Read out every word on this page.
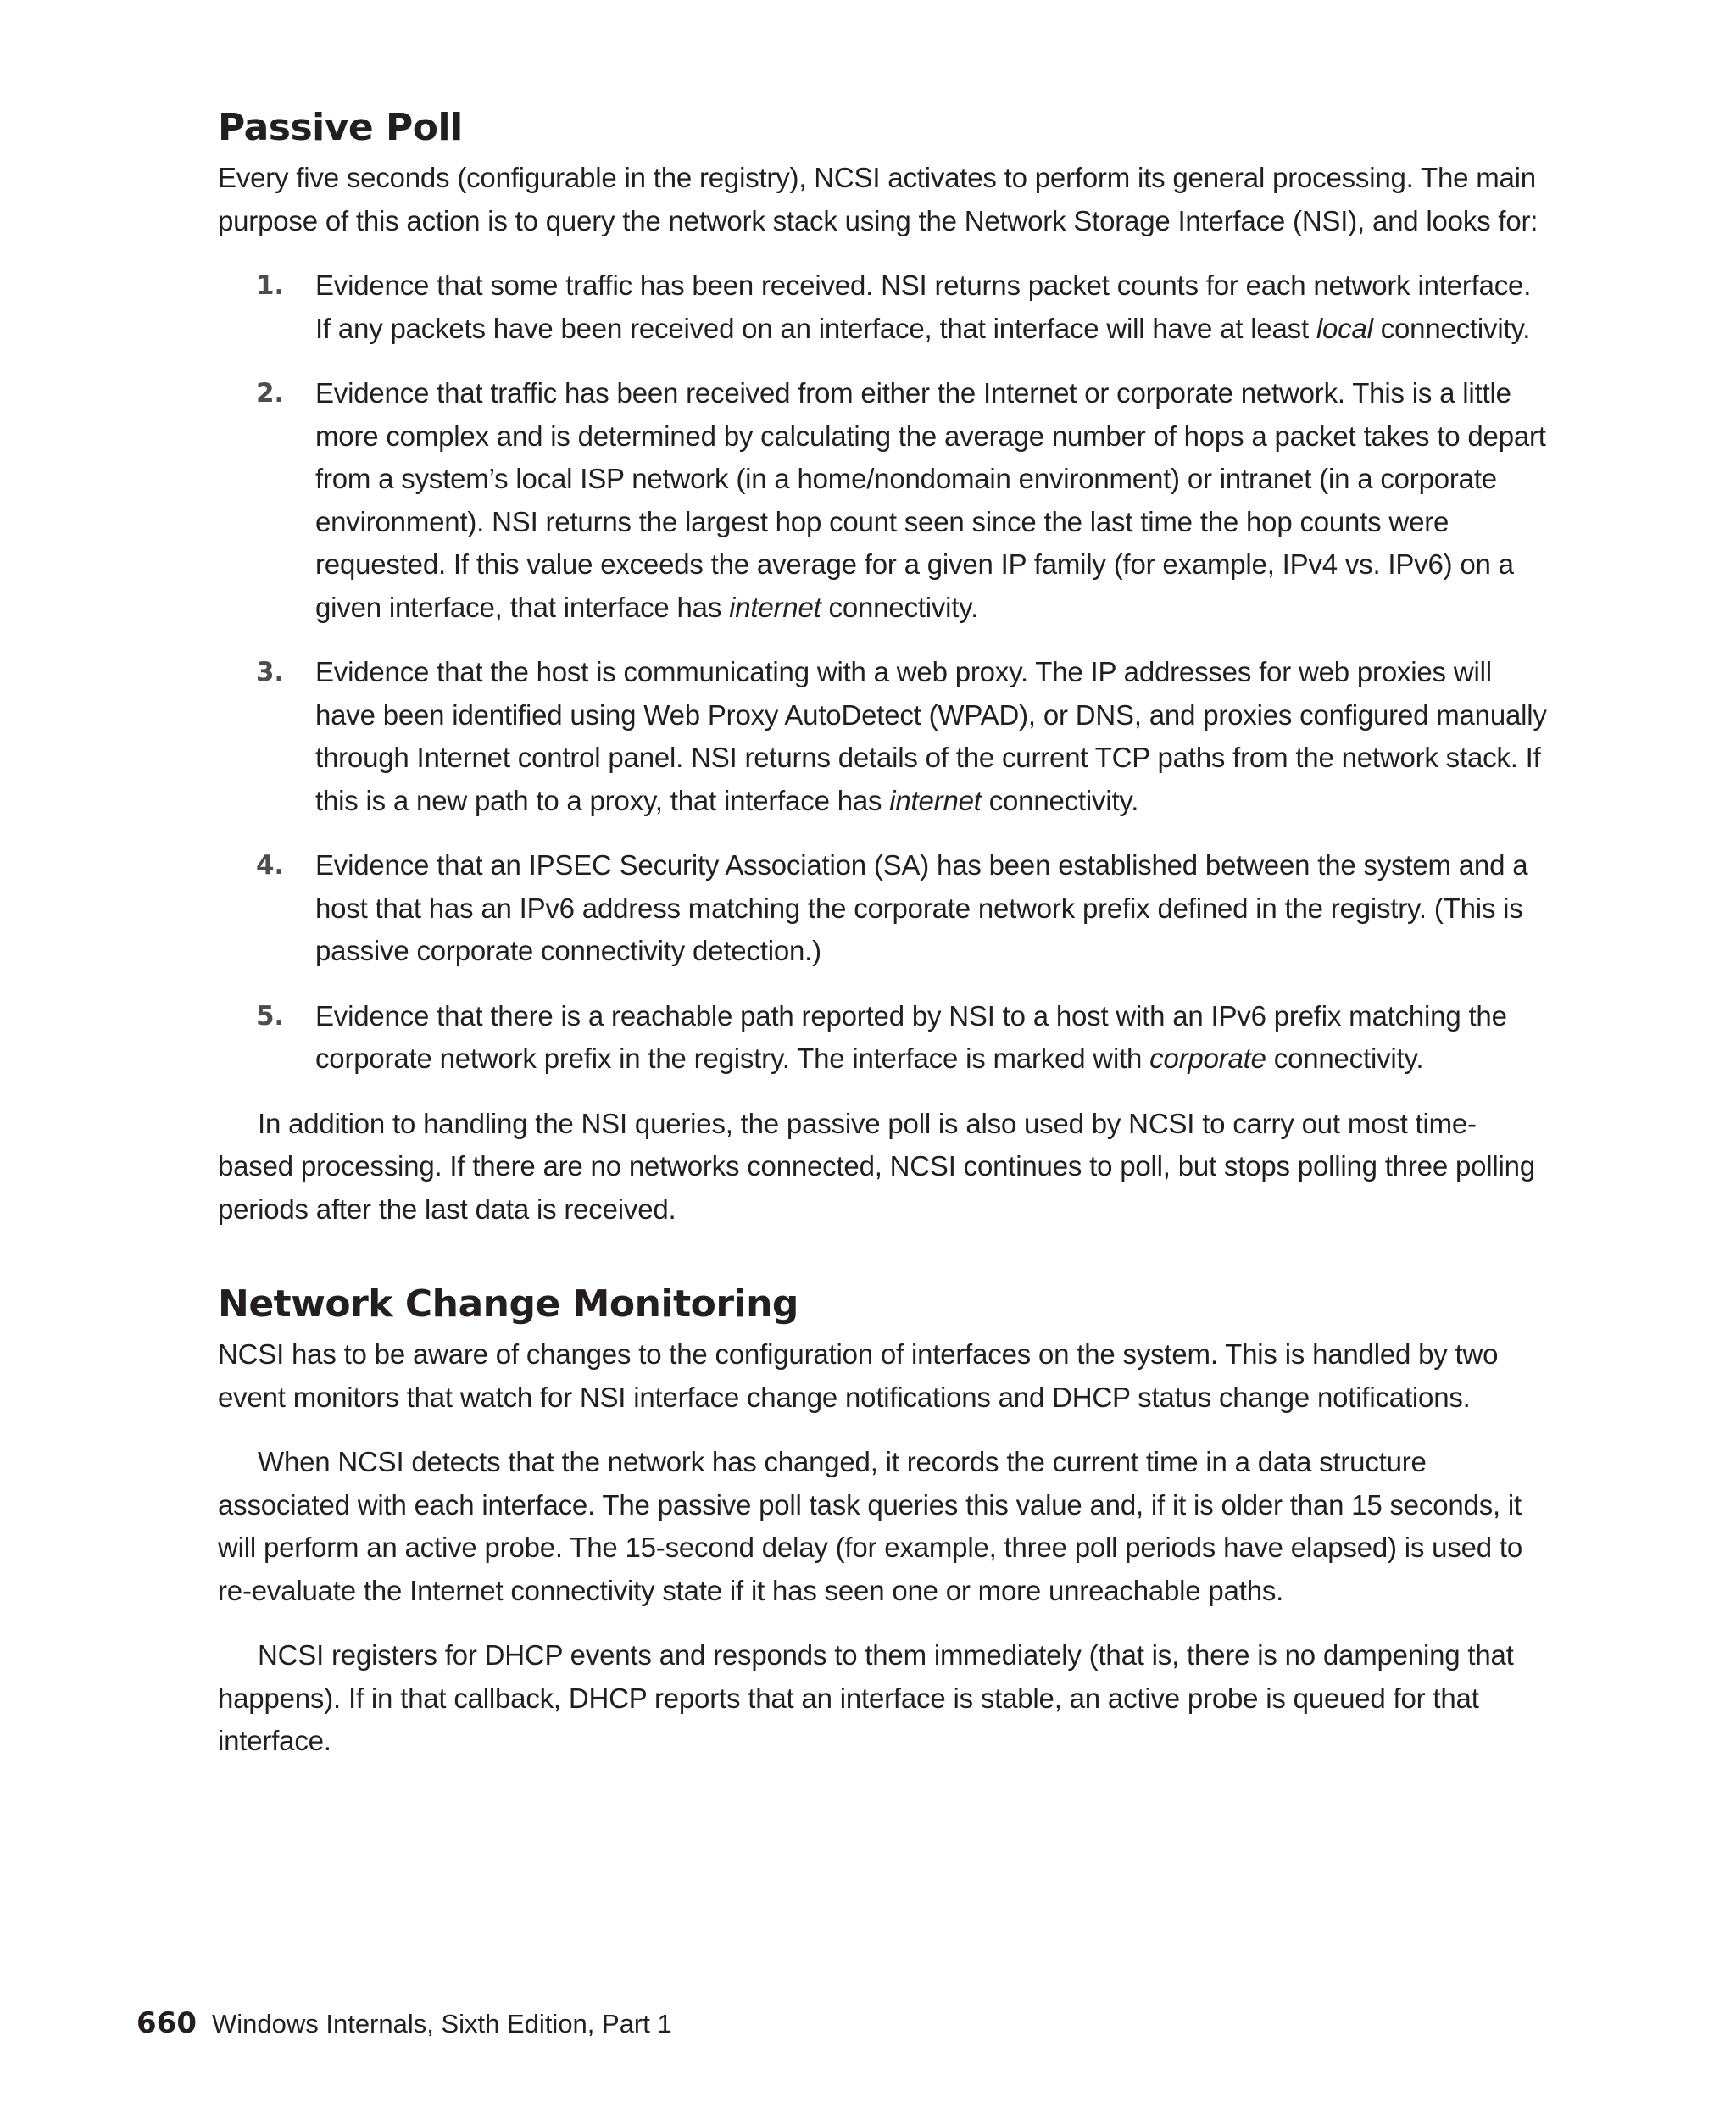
Passive Poll

Every five seconds (configurable in the registry), NCSI activates to perform its general processing. The main purpose of this action is to query the network stack using the Network Storage Interface (NSI), and looks for:

1. Evidence that some traffic has been received. NSI returns packet counts for each network interface. If any packets have been received on an interface, that interface will have at least local connectivity.
2. Evidence that traffic has been received from either the Internet or corporate network. This is a little more complex and is determined by calculating the average number of hops a packet takes to depart from a system’s local ISP network (in a home/nondomain environment) or intranet (in a corporate environment). NSI returns the largest hop count seen since the last time the hop counts were requested. If this value exceeds the average for a given IP family (for example, IPv4 vs. IPv6) on a given interface, that interface has internet connectivity.
3. Evidence that the host is communicating with a web proxy. The IP addresses for web proxies will have been identified using Web Proxy AutoDetect (WPAD), or DNS, and proxies configured manually through Internet control panel. NSI returns details of the current TCP paths from the network stack. If this is a new path to a proxy, that interface has internet connectivity.
4. Evidence that an IPSEC Security Association (SA) has been established between the system and a host that has an IPv6 address matching the corporate network prefix defined in the registry. (This is passive corporate connectivity detection.)
5. Evidence that there is a reachable path reported by NSI to a host with an IPv6 prefix matching the corporate network prefix in the registry. The interface is marked with corporate connectivity.

In addition to handling the NSI queries, the passive poll is also used by NCSI to carry out most time-based processing. If there are no networks connected, NCSI continues to poll, but stops polling three polling periods after the last data is received.

Network Change Monitoring

NCSI has to be aware of changes to the configuration of interfaces on the system. This is handled by two event monitors that watch for NSI interface change notifications and DHCP status change notifications.

When NCSI detects that the network has changed, it records the current time in a data structure associated with each interface. The passive poll task queries this value and, if it is older than 15 seconds, it will perform an active probe. The 15-second delay (for example, three poll periods have elapsed) is used to re-evaluate the Internet connectivity state if it has seen one or more unreachable paths.

NCSI registers for DHCP events and responds to them immediately (that is, there is no dampening that happens). If in that callback, DHCP reports that an interface is stable, an active probe is queued for that interface.

660 Windows Internals, Sixth Edition, Part 1
